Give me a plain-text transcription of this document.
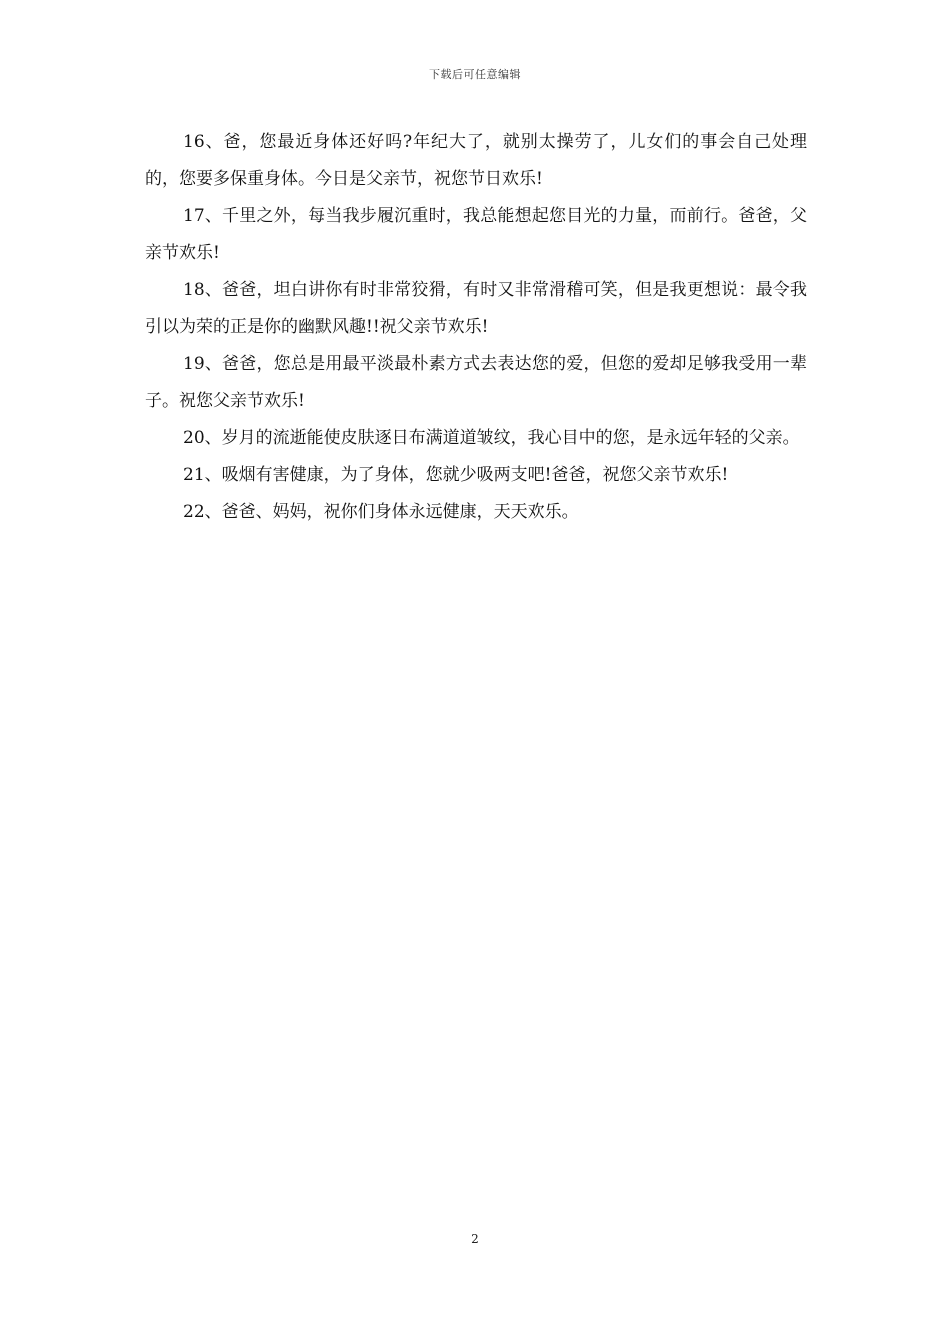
下载后可任意编辑

16、爸，您最近身体还好吗?年纪大了，就别太操劳了，儿女们的事会自己处理的，您要多保重身体。今日是父亲节，祝您节日欢乐!

17、千里之外，每当我步履沉重时，我总能想起您目光的力量，而前行。爸爸，父亲节欢乐!

18、爸爸，坦白讲你有时非常狡猾，有时又非常滑稽可笑，但是我更想说：最令我引以为荣的正是你的幽默风趣!!祝父亲节欢乐!

19、爸爸，您总是用最平淡最朴素方式去表达您的爱，但您的爱却足够我受用一辈子。祝您父亲节欢乐!

20、岁月的流逝能使皮肤逐日布满道道皱纹，我心目中的您，是永远年轻的父亲。

21、吸烟有害健康，为了身体，您就少吸两支吧!爸爸，祝您父亲节欢乐!

22、爸爸、妈妈，祝你们身体永远健康，天天欢乐。

2
